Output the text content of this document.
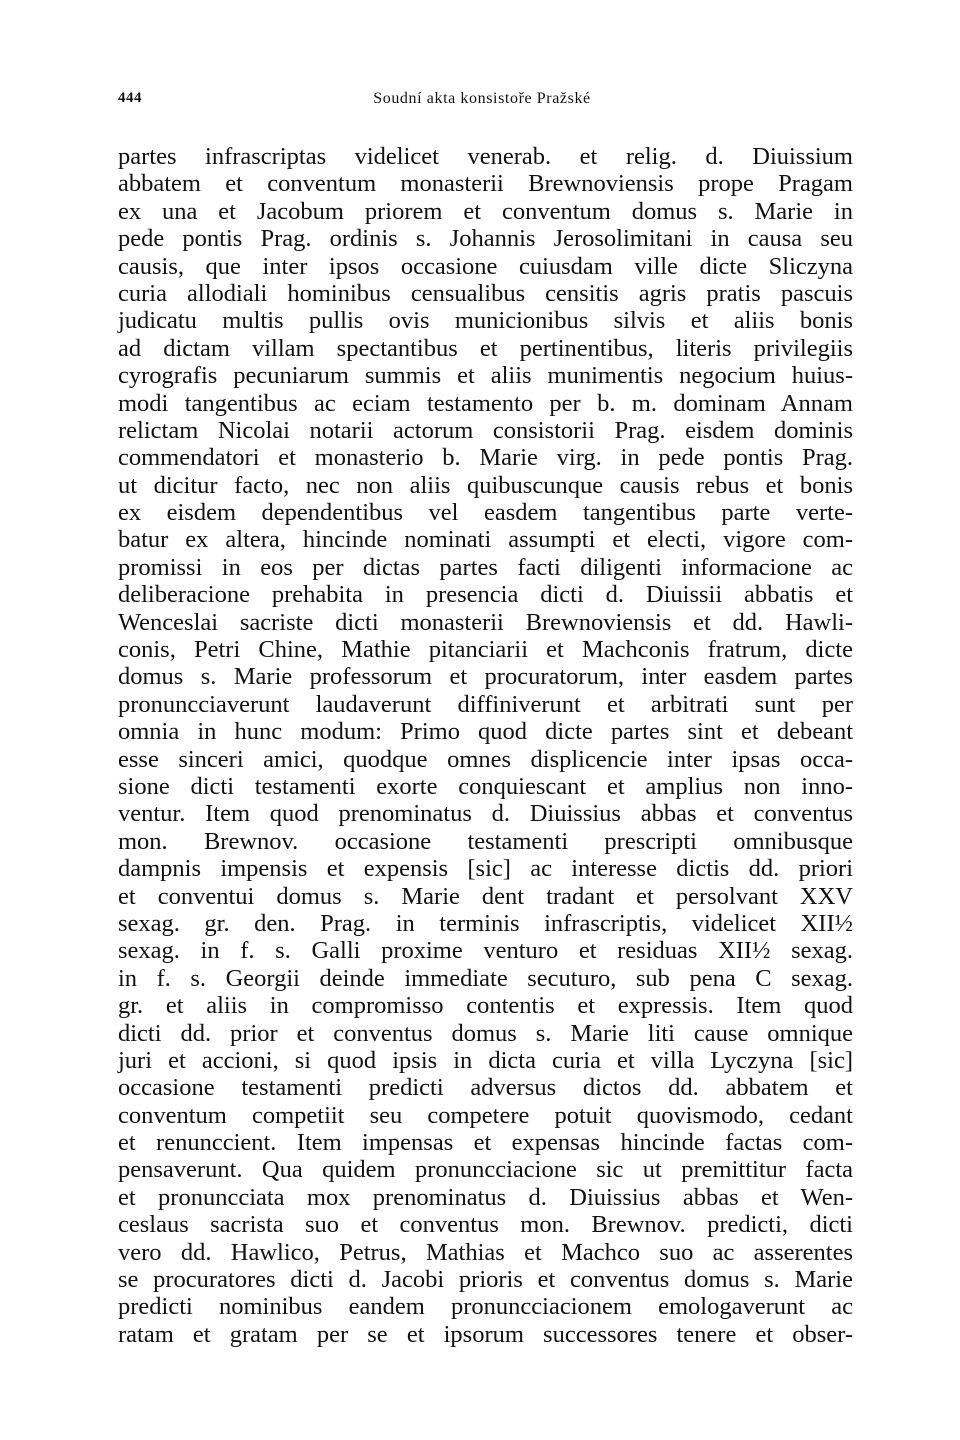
444	Soudní akta konsistoře Pražské
partes infrascriptas videlicet venerab. et relig. d. Diuissium
abbatem et conventum monasterii Brewnoviensis prope Pragam
ex una et Jacobum priorem et conventum domus s. Marie in
pede pontis Prag. ordinis s. Johannis Jerosolimitani in causa seu
causis, que inter ipsos occasione cuiusdam ville dicte Sliczyna
curia allodiali hominibus censualibus censitis agris pratis pascuis
judicatu multis pullis ovis municionibus silvis et aliis bonis
ad dictam villam spectantibus et pertinentibus, literis privilegiis
cyrografis pecuniarum summis et aliis munimentis negocium huius-
modi tangentibus ac eciam testamento per b. m. dominam Annam
relictam Nicolai notarii actorum consistorii Prag. eisdem dominis
commendatori et monasterio b. Marie virg. in pede pontis Prag.
ut dicitur facto, nec non aliis quibuscunque causis rebus et bonis
ex eisdem dependentibus vel easdem tangentibus parte verte-
batur ex altera, hincinde nominati assumpti et electi, vigore com-
promissi in eos per dictas partes facti diligenti informacione ac
deliberacione prehabita in presencia dicti d. Diuissii abbatis et
Wenceslai sacriste dicti monasterii Brewnoviensis et dd. Hawli-
conis, Petri Chine, Mathie pitanciarii et Machconis fratrum, dicte
domus s. Marie professorum et procuratorum, inter easdem partes
pronuncciaverunt laudaverunt diffiniverunt et arbitrati sunt per
omnia in hunc modum: Primo quod dicte partes sint et debeant
esse sinceri amici, quodque omnes displicencie inter ipsas occa-
sione dicti testamenti exorte conquiescant et amplius non inno-
ventur. Item quod prenominatus d. Diuissius abbas et conventus
mon. Brewnov. occasione testamenti prescripti omnibusque
dampnis impensis et expensis [sic] ac interesse dictis dd. priori
et conventui domus s. Marie dent tradant et persolvant XXV
sexag. gr. den. Prag. in terminis infrascriptis, videlicet XII½
sexag. in f. s. Galli proxime venturo et residuas XII½ sexag.
in f. s. Georgii deinde immediate secuturo, sub pena C sexag.
gr. et aliis in compromisso contentis et expressis. Item quod
dicti dd. prior et conventus domus s. Marie liti cause omnique
juri et accioni, si quod ipsis in dicta curia et villa Lyczyna [sic]
occasione testamenti predicti adversus dictos dd. abbatem et
conventum competiit seu competere potuit quovismodo, cedant
et renunccient. Item impensas et expensas hincinde factas com-
pensaverunt. Qua quidem pronuncciacione sic ut premittitur facta
et pronuncciata mox prenominatus d. Diuissius abbas et Wen-
ceslaus sacrista suo et conventus mon. Brewnov. predicti, dicti
vero dd. Hawlico, Petrus, Mathias et Machco suo ac asserentes
se procuratores dicti d. Jacobi prioris et conventus domus s. Marie
predicti nominibus eandem pronuncciacionem emologaverunt ac
ratam et gratam per se et ipsorum successores tenere et obser-
